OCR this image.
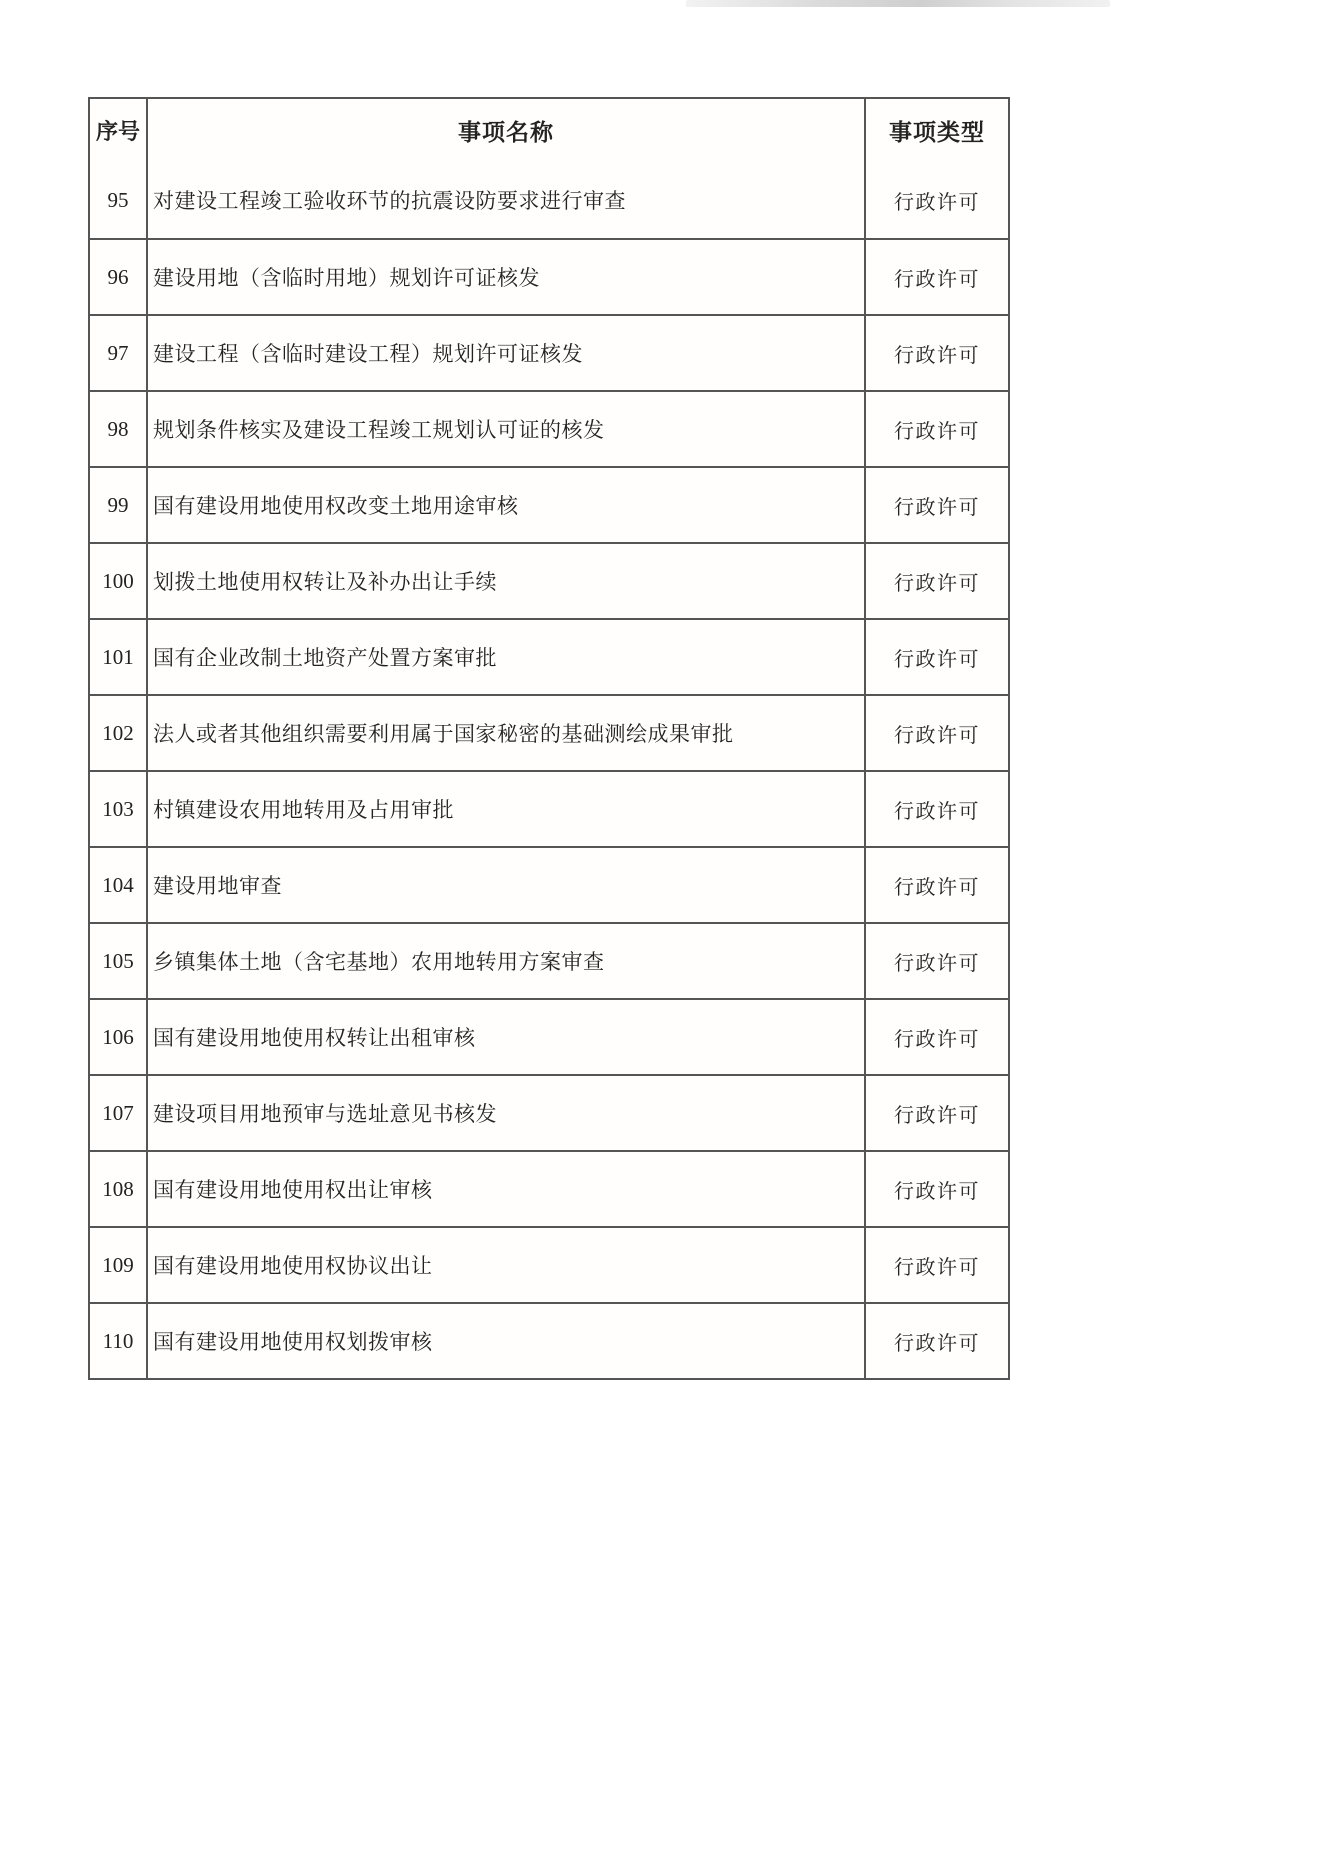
序号	事项名称	事项类型
95	对建设工程竣工验收环节的抗震设防要求进行审查	行政许可
96	建设用地（含临时用地）规划许可证核发	行政许可
97	建设工程（含临时建设工程）规划许可证核发	行政许可
98	规划条件核实及建设工程竣工规划认可证的核发	行政许可
99	国有建设用地使用权改变土地用途审核	行政许可
100 划拨土地使用权转让及补办出让手续	行政许可
101 国有企业改制土地资产处置方案审批	行政许可
102 法人或者其他组织需要利用属于国家秘密的基础测绘成果审批	行政许可
103 村镇建设农用地转用及占用审批	行政许可
104 建设用地审查	行政许可
105 乡镇集体土地（含宅基地）农用地转用方案审查	行政许可
106 国有建设用地使用权转让出租审核	行政许可
107 建设项目用地预审与选址意见书核发	行政许可
108 国有建设用地使用权出让审核	行政许可
109 国有建设用地使用权协议出让	行政许可
110 国有建设用地使用权划拨审核	行政许可
